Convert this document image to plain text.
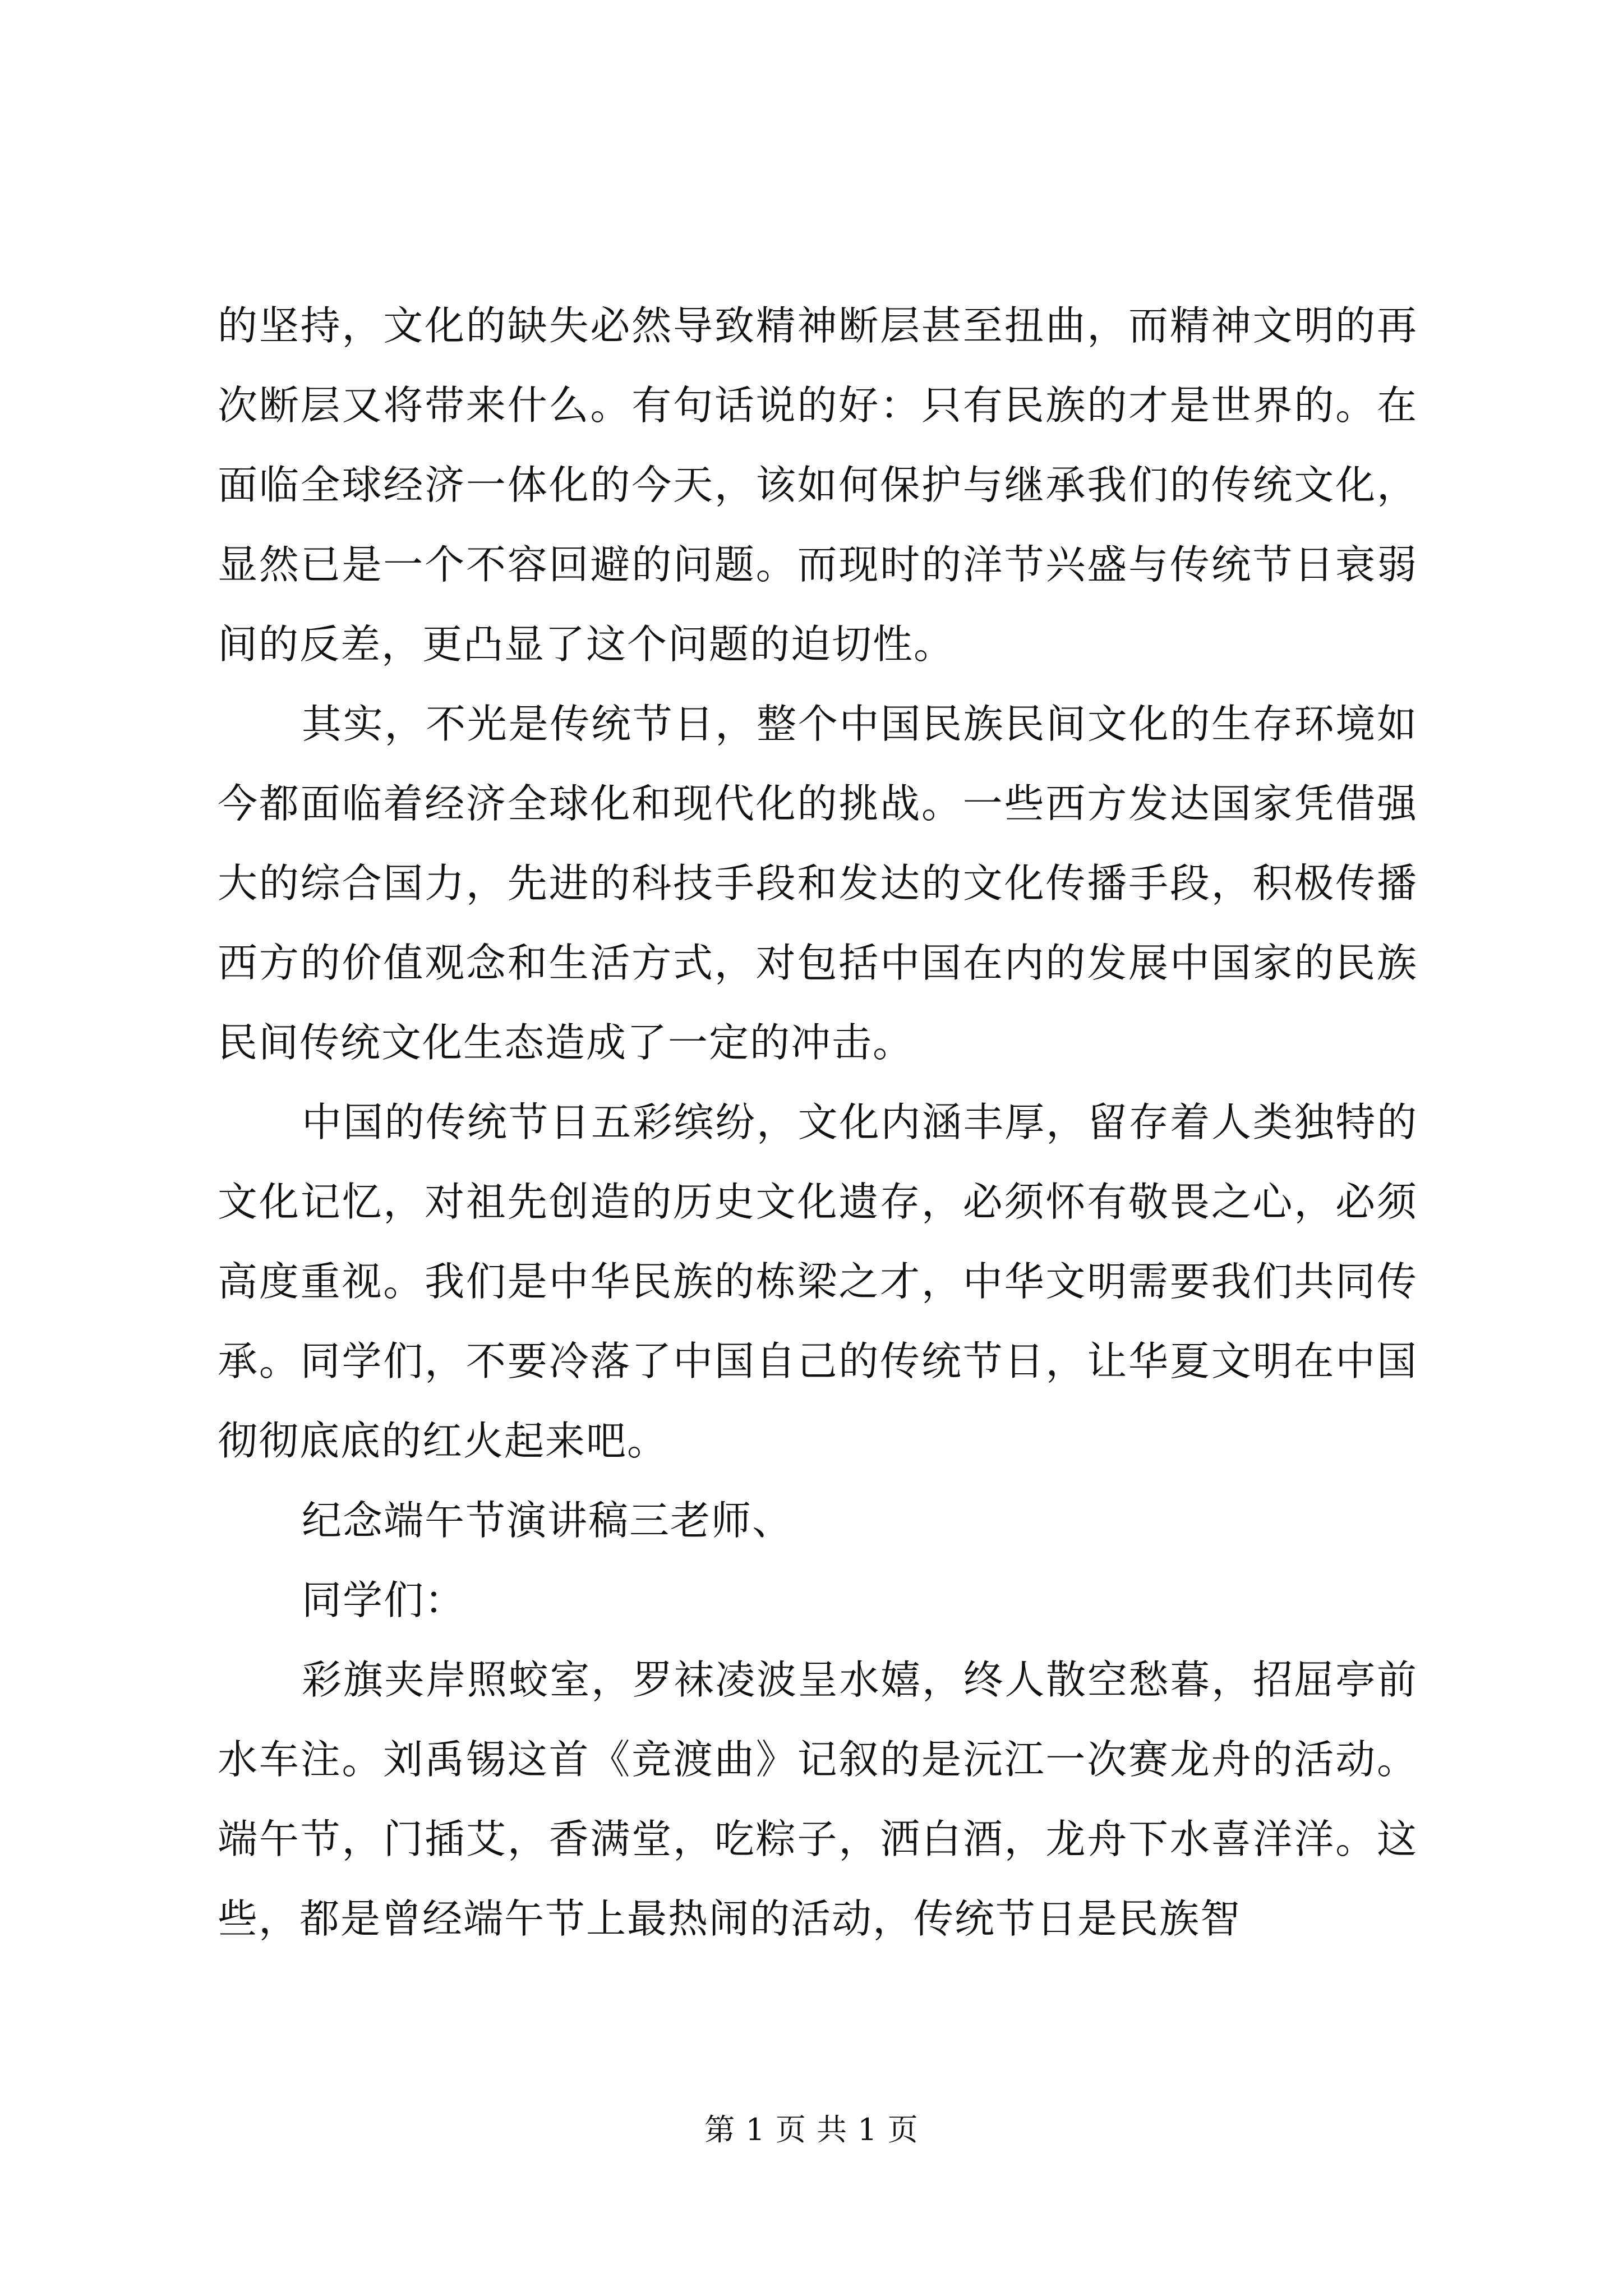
的坚持，文化的缺失必然导致精神断层甚至扭曲，而精神文明的再次断层又将带来什么。有句话说的好：只有民族的才是世界的。在面临全球经济一体化的今天，该如何保护与继承我们的传统文化，显然已是一个不容回避的问题。而现时的洋节兴盛与传统节日衰弱间的反差，更凸显了这个问题的迫切性。

其实，不光是传统节日，整个中国民族民间文化的生存环境如今都面临着经济全球化和现代化的挑战。一些西方发达国家凭借强大的综合国力，先进的科技手段和发达的文化传播手段，积极传播西方的价值观念和生活方式，对包括中国在内的发展中国家的民族民间传统文化生态造成了一定的冲击。

中国的传统节日五彩缤纷，文化内涵丰厚，留存着人类独特的文化记忆，对祖先创造的历史文化遗存，必须怀有敬畏之心，必须高度重视。我们是中华民族的栋梁之才，中华文明需要我们共同传承。同学们，不要冷落了中国自己的传统节日，让华夏文明在中国彻彻底底的红火起来吧。

纪念端午节演讲稿三老师、

同学们：

彩旗夹岸照蛟室，罗袜凌波呈水嬉，终人散空愁暮，招屈亭前水车注。刘禹锡这首《竞渡曲》记叙的是沅江一次赛龙舟的活动。端午节，门插艾，香满堂，吃粽子，洒白酒，龙舟下水喜洋洋。这些，都是曾经端午节上最热闹的活动，传统节日是民族智

第 1 页 共 1 页
